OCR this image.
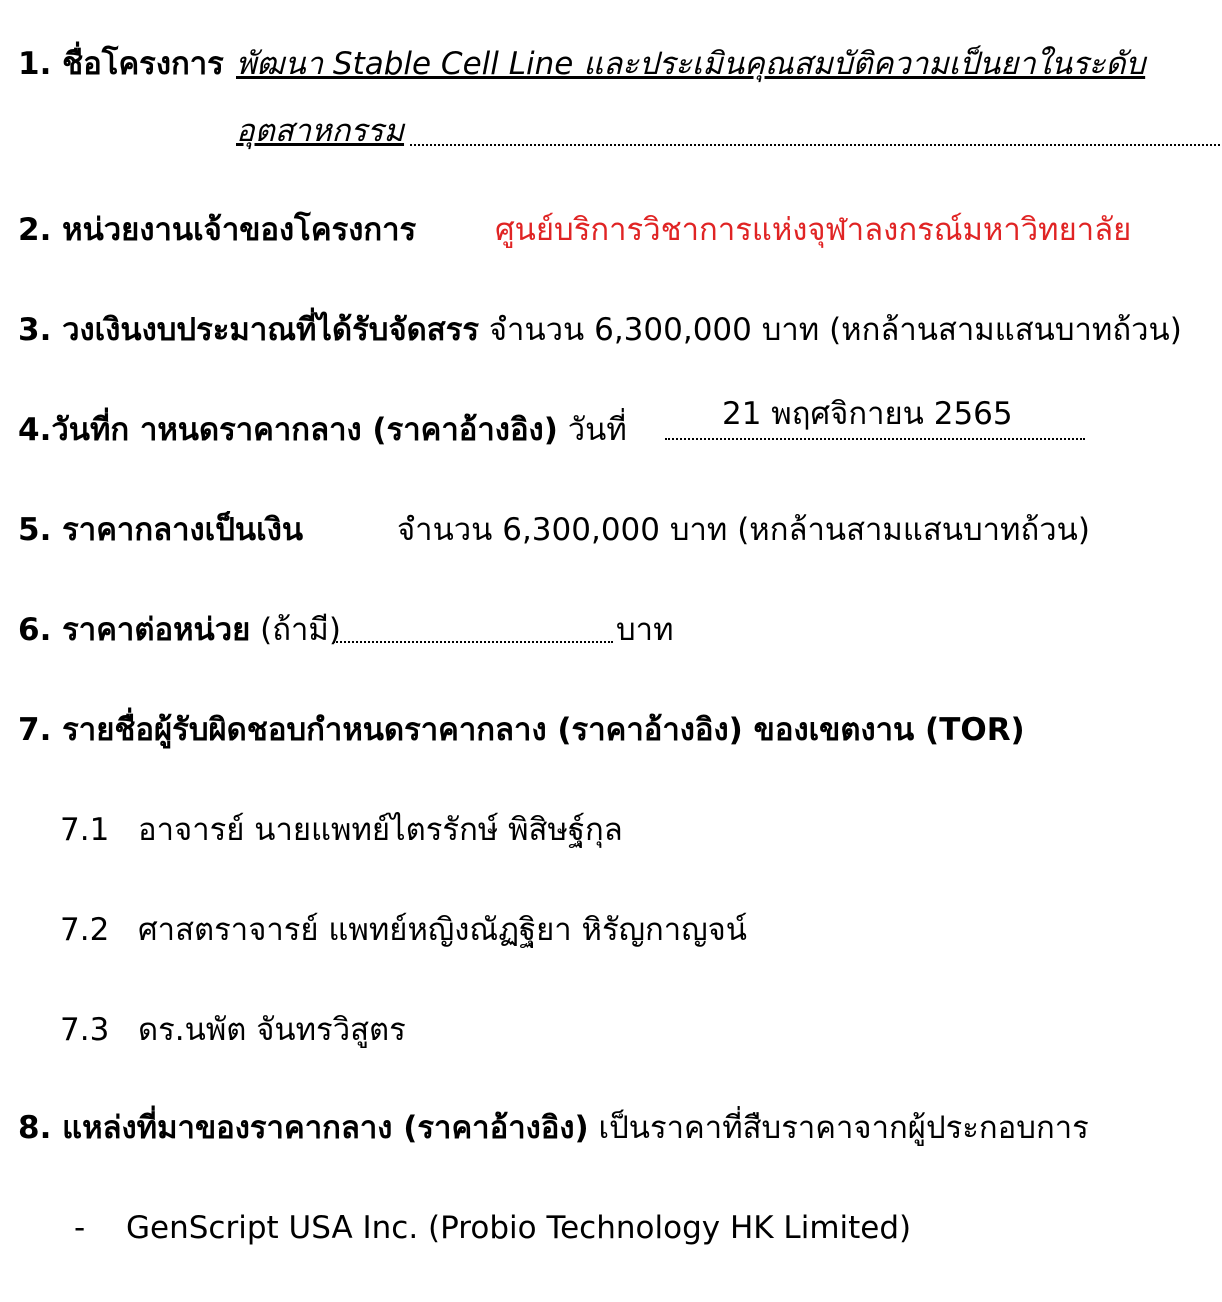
1. ชื่อโครงการ พัฒนา Stable Cell Line และประเมินคุณสมบัติความเป็นยาในระดับ
อุตสาหกรรม
2. หน่วยงานเจ้าของโครงการ	ศูนย์บริการวิชาการแห่งจุฬาลงกรณ์มหาวิทยาลัย
3. วงเงินงบประมาณที่ได้รับจัดสรร จำนวน 6,300,000 บาท (หกล้านสามแสนบาทถ้วน)
4.วันที่ก าหนดราคากลาง (ราคาอ้างอิง) วันที่	21 พฤศจิกายน 2565
5. ราคากลางเป็นเงิน	จำนวน 6,300,000 บาท (หกล้านสามแสนบาทถ้วน)
6. ราคาต่อหน่วย (ถ้ามี)	บาท
7. รายชื่อผู้รับผิดชอบกำหนดราคากลาง (ราคาอ้างอิง) ของเขตงาน (TOR)
7.1 อาจารย์ นายแพทย์ไตรรักษ์ พิสิษฐ์กุล
7.2 ศาสตราจารย์ แพทย์หญิงณัฏฐิยา หิรัญกาญจน์
7.3 ดร.นพัต จันทรวิสูตร
8. แหล่งที่มาของราคากลาง (ราคาอ้างอิง) เป็นราคาที่สืบราคาจากผู้ประกอบการ
- GenScript USA Inc. (Probio Technology HK Limited)
